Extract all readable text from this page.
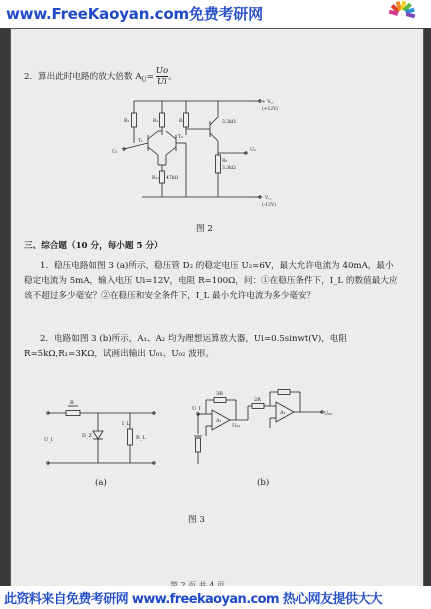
www.FreeKaoyan.com免费考研网
2．算出此时电路的放大倍数 $A_U= \frac{Uo}{Ui}$ 。
R₁	R₁	R₁	3.2kΩ
+ V꜀꜀
(+12V)
T₁
T₂
U₁
R₁₁ 47kΩ
R₂
3.3kΩ
U₀
- V꜀꜀
(-12V)
图 2
三、综合题（10 分，每小题 5 分）
1．稳压电路如图 3 (a)所示，稳压管 D₂ 的稳定电压 U₂=6V，最大允许电流为 40mA，最小稳定电流为 5mA，输入电压 Ui=12V，电阻 R=100Ω，问：①在稳压条件下，I_L 的数值最大应该不超过多少毫安？②在稳压和安全条件下，I_L 最小允许电流为多少毫安？
2．电路如图 3 (b)所示，A₁、A₂ 均为理想运算放大器，Ui=0.5sinwt(V)，电阻 R=5kΩ,R₁=3KΩ，试画出输出 U₀₁、U₀₂ 波形。
R
I_L
U_I
D_Z	R_L
3R
2R
A₁
A₂
U₀₁
U₀₂
U_I
(a)	(b)
图 3
此资料来自免费考研网 www.freekaoyan.com 热心网友提供大大
